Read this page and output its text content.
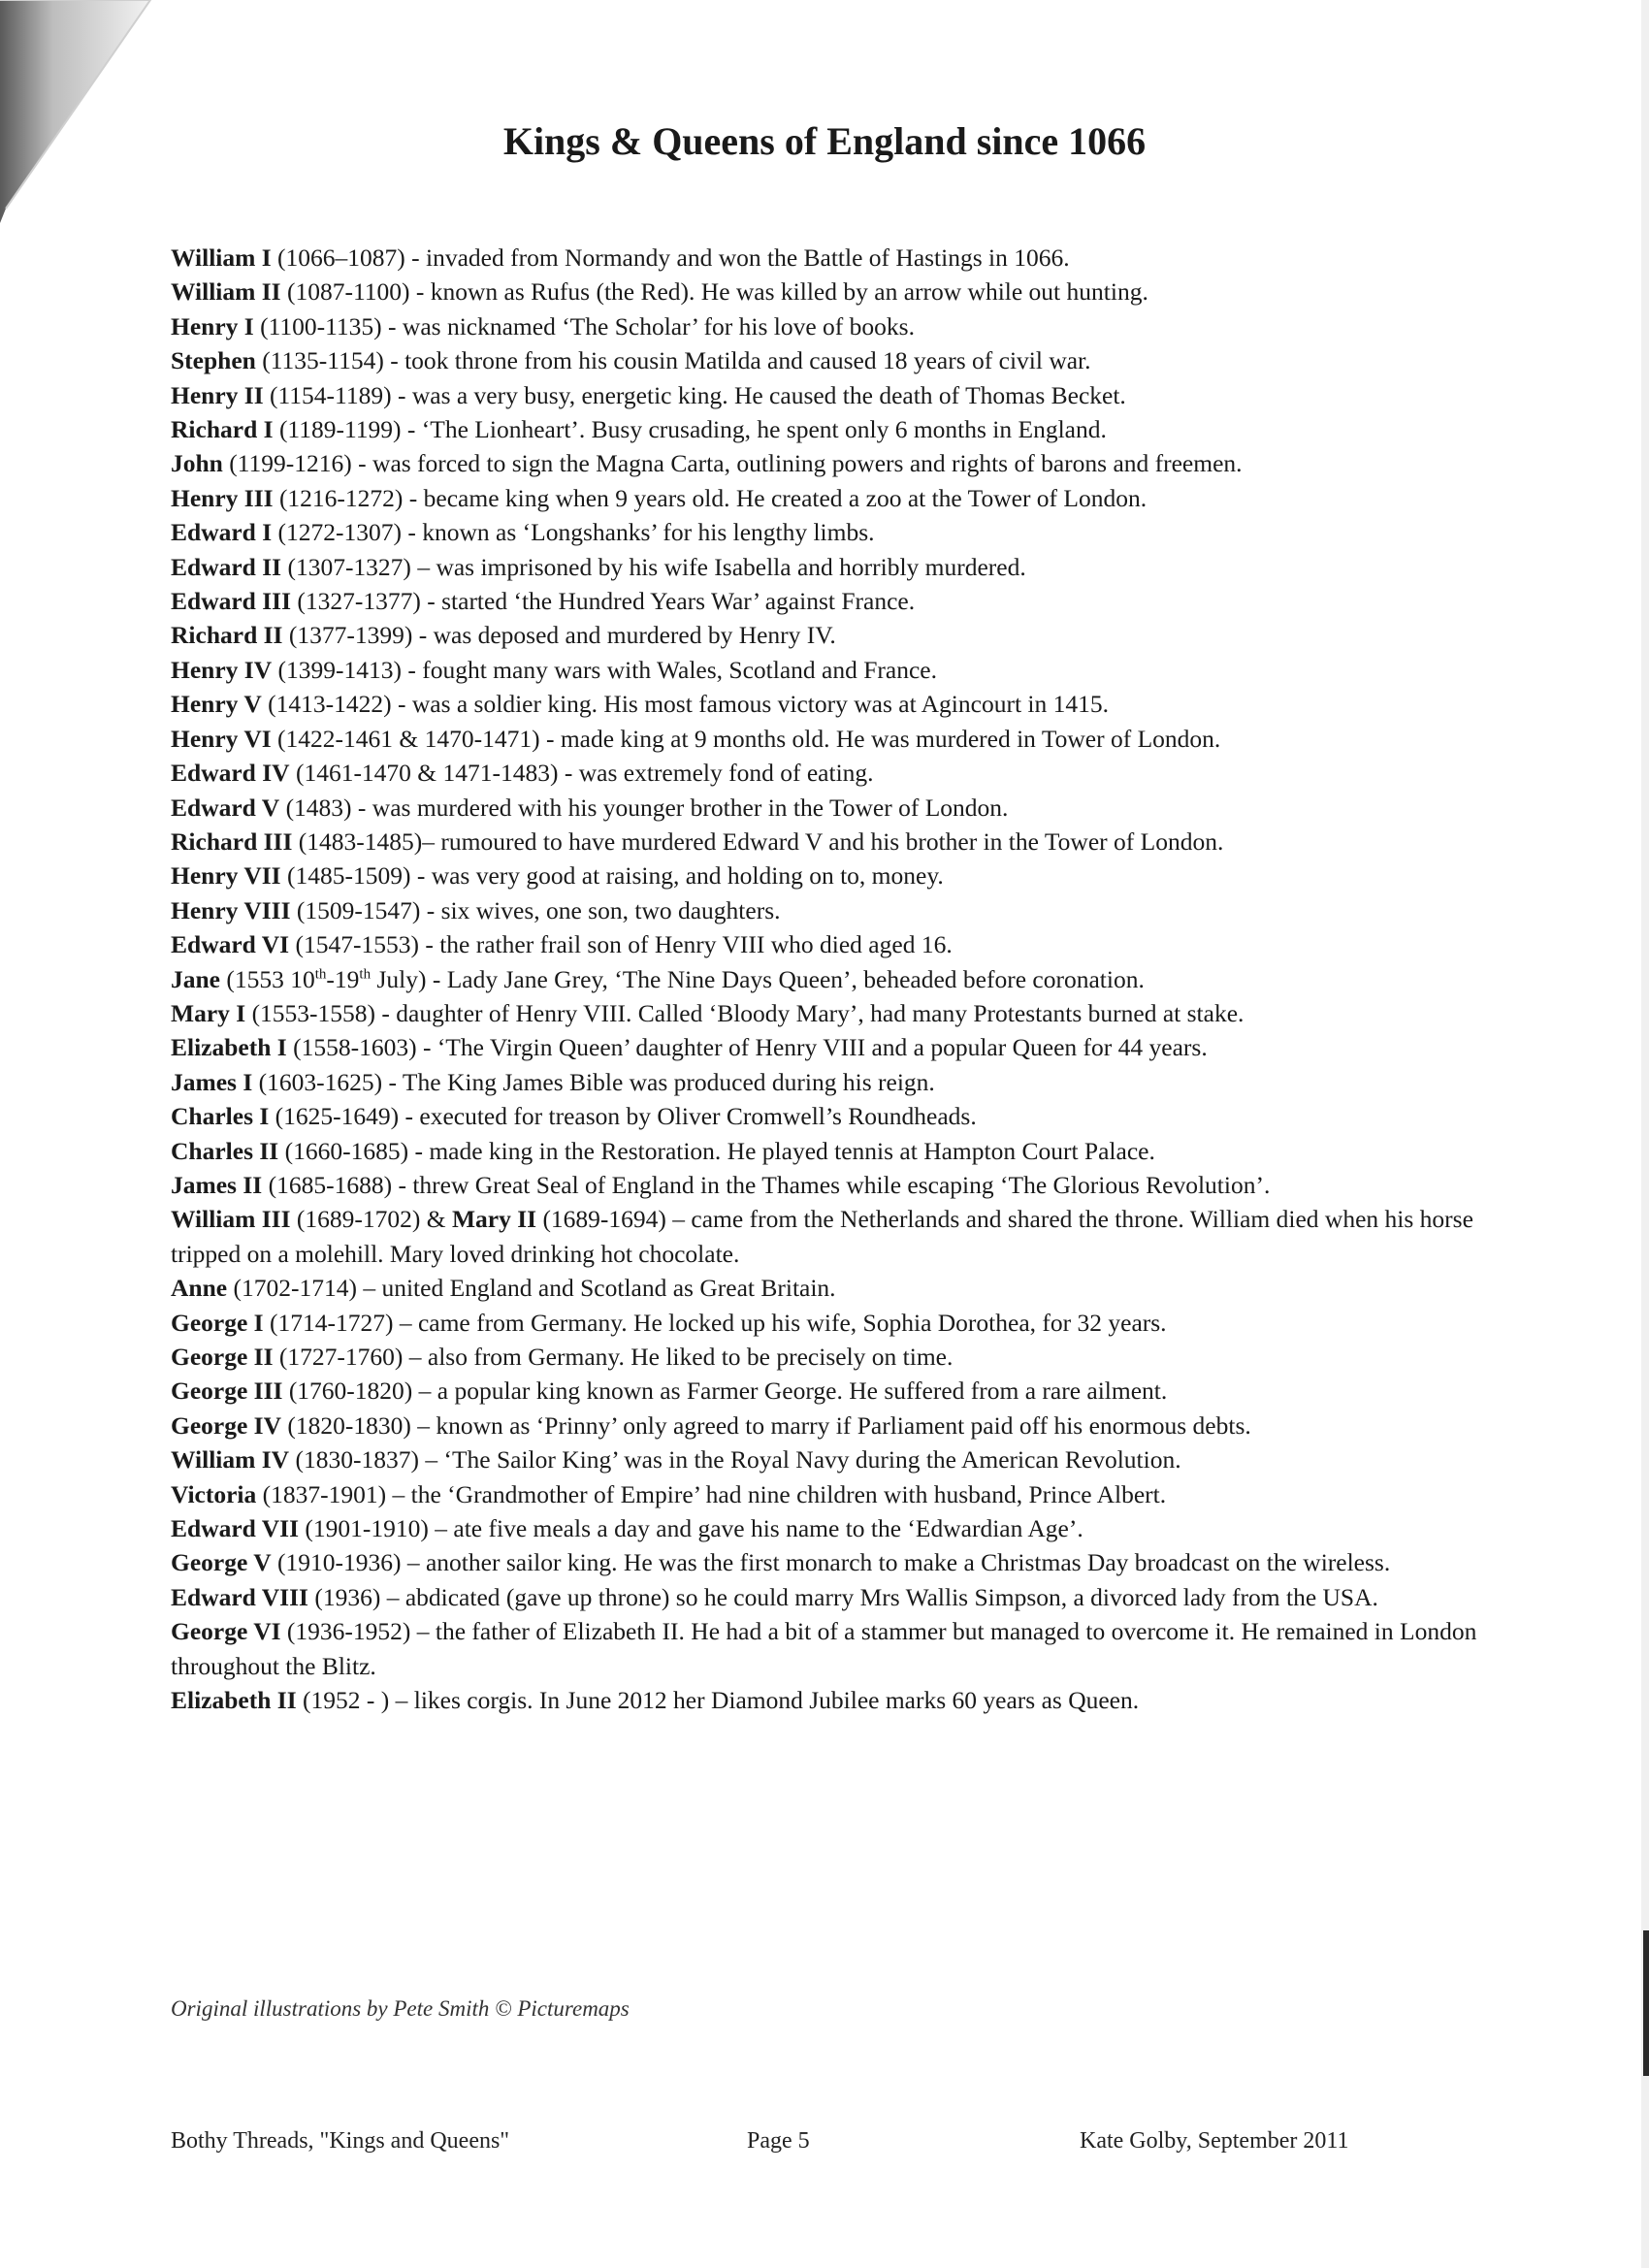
Kings & Queens of England since 1066

William I (1066–1087) - invaded from Normandy and won the Battle of Hastings in 1066.

William II (1087-1100) - known as Rufus (the Red). He was killed by an arrow while out hunting.

Henry I (1100-1135) - was nicknamed ‘The Scholar’ for his love of books.

Stephen (1135-1154) - took throne from his cousin Matilda and caused 18 years of civil war.

Henry II (1154-1189) - was a very busy, energetic king. He caused the death of Thomas Becket.

Richard I (1189-1199) - ‘The Lionheart’. Busy crusading, he spent only 6 months in England.

John (1199-1216) - was forced to sign the Magna Carta, outlining powers and rights of barons and freemen.

Henry III (1216-1272) - became king when 9 years old. He created a zoo at the Tower of London.

Edward I (1272-1307) - known as ‘Longshanks’ for his lengthy limbs.

Edward II (1307-1327) – was imprisoned by his wife Isabella and horribly murdered.

Edward III (1327-1377) - started ‘the Hundred Years War’ against France.

Richard II (1377-1399) - was deposed and murdered by Henry IV.

Henry IV (1399-1413) - fought many wars with Wales, Scotland and France.

Henry V (1413-1422) - was a soldier king. His most famous victory was at Agincourt in 1415.

Henry VI (1422-1461 & 1470-1471) - made king at 9 months old. He was murdered in Tower of London.

Edward IV (1461-1470 & 1471-1483) - was extremely fond of eating.

Edward V (1483) - was murdered with his younger brother in the Tower of London.

Richard III (1483-1485)– rumoured to have murdered Edward V and his brother in the Tower of London.

Henry VII (1485-1509) - was very good at raising, and holding on to, money.

Henry VIII (1509-1547) - six wives, one son, two daughters.

Edward VI (1547-1553) - the rather frail son of Henry VIII who died aged 16.

Jane (1553 10th-19th July) - Lady Jane Grey, ‘The Nine Days Queen’, beheaded before coronation.

Mary I (1553-1558) - daughter of Henry VIII. Called ‘Bloody Mary’, had many Protestants burned at stake.

Elizabeth I (1558-1603) - ‘The Virgin Queen’ daughter of Henry VIII and a popular Queen for 44 years.

James I (1603-1625) - The King James Bible was produced during his reign.

Charles I (1625-1649) - executed for treason by Oliver Cromwell’s Roundheads.

Charles II (1660-1685) - made king in the Restoration. He played tennis at Hampton Court Palace.

James II (1685-1688) - threw Great Seal of England in the Thames while escaping ‘The Glorious Revolution’.

William III (1689-1702) & Mary II (1689-1694) – came from the Netherlands and shared the throne. William died when his horse tripped on a molehill. Mary loved drinking hot chocolate.

Anne (1702-1714) – united England and Scotland as Great Britain.

George I (1714-1727) – came from Germany. He locked up his wife, Sophia Dorothea, for 32 years.

George II (1727-1760) – also from Germany. He liked to be precisely on time.

George III (1760-1820) – a popular king known as Farmer George. He suffered from a rare ailment.

George IV (1820-1830) – known as ‘Prinny’ only agreed to marry if Parliament paid off his enormous debts.

William IV (1830-1837) – ‘The Sailor King’ was in the Royal Navy during the American Revolution.

Victoria (1837-1901) – the ‘Grandmother of Empire’ had nine children with husband, Prince Albert.

Edward VII (1901-1910) – ate five meals a day and gave his name to the ‘Edwardian Age’.

George V (1910-1936) – another sailor king. He was the first monarch to make a Christmas Day broadcast on the wireless.

Edward VIII (1936) – abdicated (gave up throne) so he could marry Mrs Wallis Simpson, a divorced lady from the USA.

George VI (1936-1952) – the father of Elizabeth II. He had a bit of a stammer but managed to overcome it. He remained in London throughout the Blitz.

Elizabeth II (1952 - ) – likes corgis. In June 2012 her Diamond Jubilee marks 60 years as Queen.

Original illustrations by Pete Smith © Picturemaps
Bothy Threads, "Kings and Queens"	Page 5	Kate Golby, September 2011
